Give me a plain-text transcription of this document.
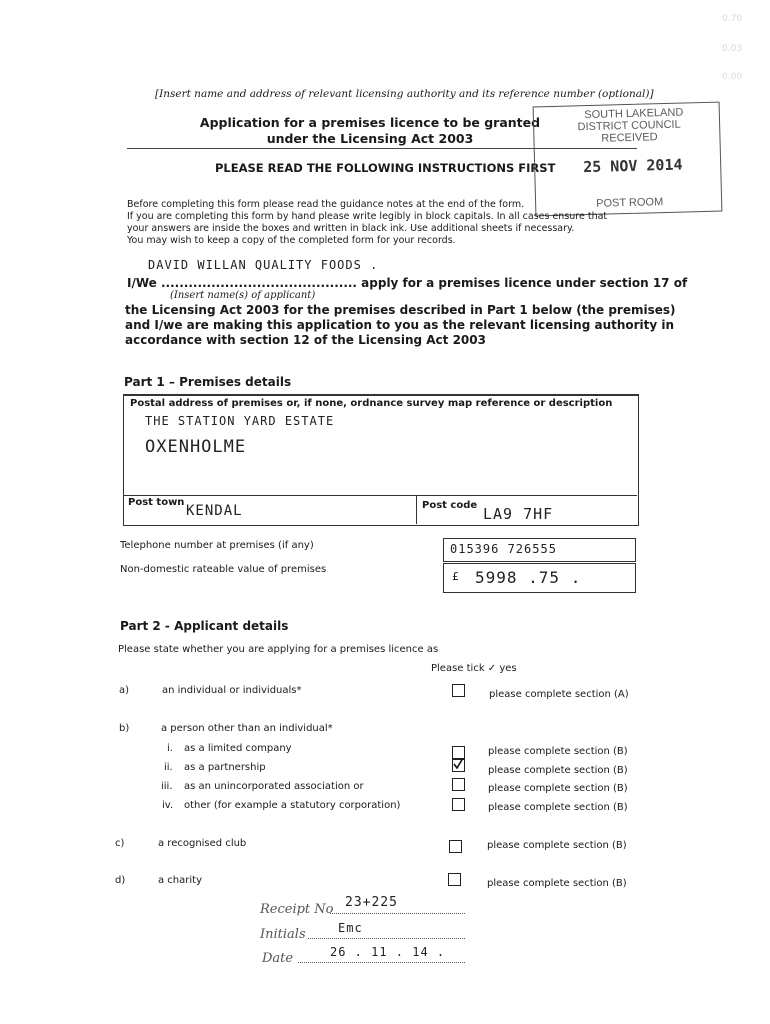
0.70
0.03
0.00
[Insert name and address of relevant licensing authority and its reference number (optional)]
Application for a premises licence to be granted
under the Licensing Act 2003
PLEASE READ THE FOLLOWING INSTRUCTIONS FIRST
SOUTH LAKELAND
DISTRICT COUNCIL
RECEIVED
25 NOV 2014
POST ROOM
Before completing this form please read the guidance notes at the end of the form.
If you are completing this form by hand please write legibly in block capitals. In all cases ensure that
your answers are inside the boxes and written in black ink. Use additional sheets if necessary.
You may wish to keep a copy of the completed form for your records.
DAVID WILLAN QUALITY FOODS .
I/We ........................................... apply for a premises licence under section 17 of
(Insert name(s) of applicant)
the Licensing Act 2003 for the premises described in Part 1 below (the premises)
and I/we are making this application to you as the relevant licensing authority in
accordance with section 12 of the Licensing Act 2003
Part 1 – Premises details
Postal address of premises or, if none, ordnance survey map reference or description
THE STATION YARD ESTATE
OXENHOLME
Post town
KENDAL	Post code LA9 7HF
Telephone number at premises (if any)	015396 726555
Non-domestic rateable value of premises
£ 5998 .75 .
Part 2 - Applicant details
Please state whether you are applying for a premises licence as
Please tick ✓ yes
a)	an individual or individuals*	please complete section (A)
b)	a person other than an individual*
i. as a limited company	please complete section (B)
ii. as a partnership	please complete section (B)
iii. as an unincorporated association or	please complete section (B)
iv. other (for example a statutory corporation)	please complete section (B)
c)	a recognised club	please complete section (B)
d)	a charity	please complete section (B)
Receipt No 23+225
Initials	Emc
Date	26 . 11 . 14 .
